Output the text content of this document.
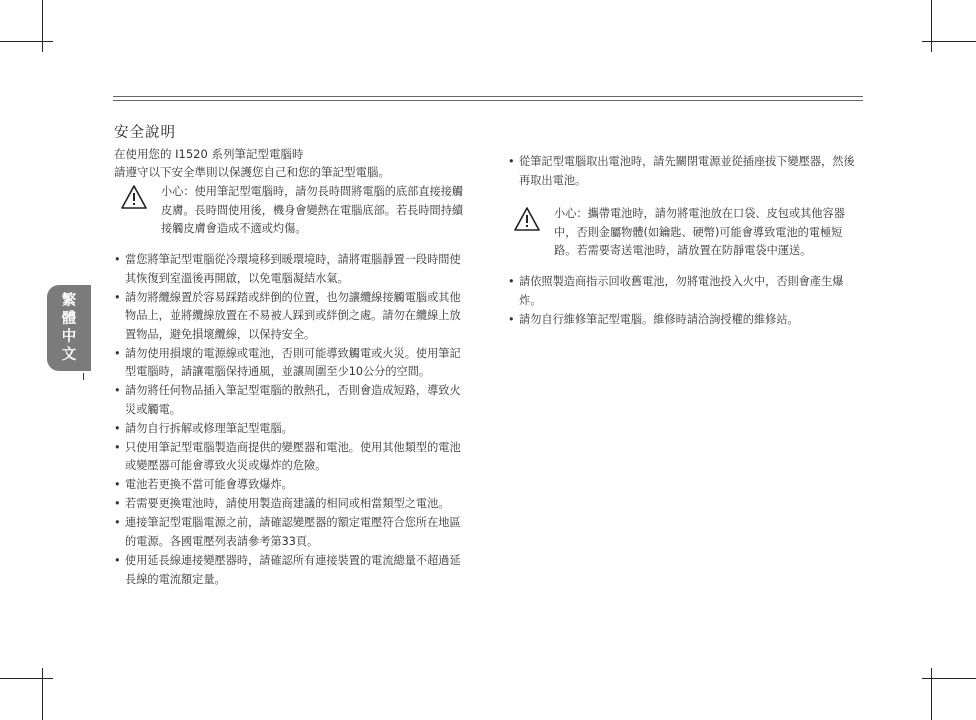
安全說明
在使用您的 I1520 系列筆記型電腦時
請遵守以下安全準則以保護您自己和您的筆記型電腦。
小心：使用筆記型電腦時，請勿長時間將電腦的底部直接接觸皮膚。長時間使用後，機身會變熱在電腦底部。若長時間持續接觸皮膚會造成不適或灼傷。
• 當您將筆記型電腦從冷環境移到暖環境時，請將電腦靜置一段時間使其恢復到室溫後再開啟，以免電腦凝結水氣。
• 請勿將纜線置於容易踩踏或絆倒的位置，也勿讓纜線接觸電腦或其他物品上，並將纜線放置在不易被人踩到或絆倒之處。請勿在纜線上放置物品，避免損壞纜線，以保持安全。
• 請勿使用損壞的電源線或電池，否則可能導致觸電或火災。使用筆記型電腦時，請讓電腦保持通風，並讓周圍至少10公分的空間。
• 請勿將任何物品插入筆記型電腦的散熱孔，否則會造成短路，導致火災或觸電。
• 請勿自行拆解或修理筆記型電腦。
• 只使用筆記型電腦製造商提供的變壓器和電池。使用其他類型的電池或變壓器可能會導致火災或爆炸的危險。
• 電池若更換不當可能會導致爆炸。
• 若需要更換電池時，請使用製造商建議的相同或相當類型之電池。
• 連接筆記型電腦電源之前，請確認變壓器的額定電壓符合您所在地區的電源。各國電壓列表請參考第33頁。
• 使用延長線連接變壓器時，請確認所有連接裝置的電流總量不超過延長線的電流額定量。
• 從筆記型電腦取出電池時，請先關閉電源並從插座拔下變壓器，然後再取出電池。
小心：攜帶電池時，請勿將電池放在口袋、皮包或其他容器中，否則金屬物體(如鑰匙、硬幣)可能會導致電池的電極短路。若需要寄送電池時，請放置在防靜電袋中運送。
• 請依照製造商指示回收舊電池，勿將電池投入火中，否則會產生爆炸。
• 請勿自行維修筆記型電腦。維修時請洽詢授權的維修站。
繁
體
中
文
I
